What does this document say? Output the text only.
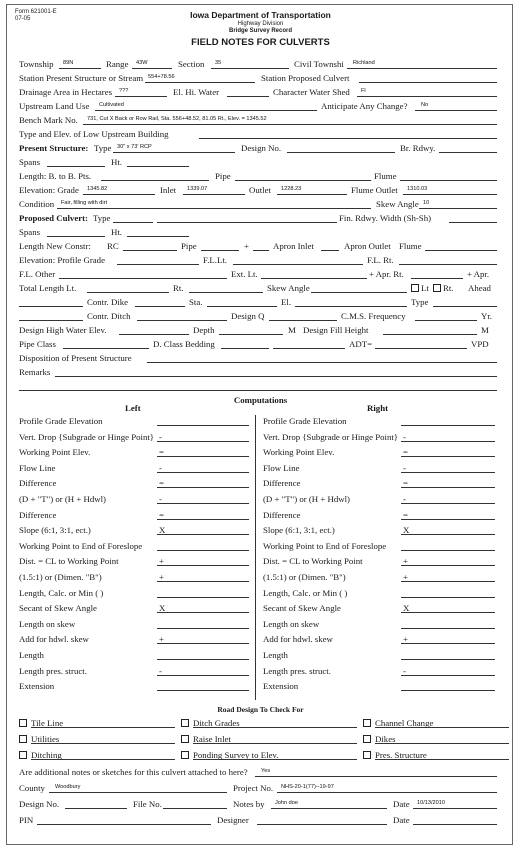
Form 621001-E
07-05	Iowa Department of Transportation
Highway Division
Bridge Survey Record
FIELD NOTES FOR CULVERTS
Township 89N	Range 43W	Section 35	Civil Townshi Richland
Station Present Structure or Stream 554+78.56	Station Proposed Culvert
Drainage Area in Hectares ???	El. Hi. Water	Character Water Shed Fl
Upstream Land Use Cultivated	Anticipate Any Change? No
Bench Mark No. 731, Cut X Back or Row Rail, Sta. 556+48.52, 81.05 Rt., Elev. = 1345.52
Type and Elev. of Low Upstream Building
Present Structure: Type 30" x 73' RCP	Design No.	Br. Rdwy.
Spans	Ht.
Length: B. to B. Pts.	Pipe	Flume
Elevation: Grade 1345.82	Inlet 1339.07	Outlet 1228.23	Flume Outlet 1310.03
Condition Fair, filling with dirt	Skew Angle 10
Proposed Culvert: Type	Fin. Rdwy. Width (Sh-Sh)
Spans	Ht.
Length New Constr: RC	Pipe	+	Apron Inlet	Apron Outlet Flume
Elevation: Profile Grade	F.L.Lt.	F.L. Rt.
F.L. Other	Ext. Lt.	+ Apr. Rt.	+ Apr.
Total Length Lt.	Rt.	Skew Angle	Lt Rt. Ahead
Contr. Dike	Sta.	El.	Type
Contr. Ditch	Design Q	C.M.S. Frequency	Yr.
Design High Water Elev.	Depth	M Design Fill Height	M
Pipe Class	D. Class Bedding	ADT=	VPD
Disposition of Present Structure
Remarks
Computations
Left	Right
Profile Grade Elevation	Profile Grade Elevation
Vert. Drop {Subgrade or Hinge Point} -	Vert. Drop {Subgrade or Hinge Point} -
Working Point Elev.	=	Working Point Elev.	=
Flow Line	-	Flow Line	-
Difference	=	Difference	=
(D + "T") or (H + Hdwl)	-	(D + "T") or (H + Hdwl)	-
Difference	=	Difference	=
Slope (6:1, 3:1, ect.)	X	Slope (6:1, 3:1, ect.)	X
Working Point to End of Foreslope	Working Point to End of Foreslope
Dist. = CL to Working Point	+	Dist. = CL to Working Point	+
(1.5:1) or (Dimen. "B")	+	(1.5:1) or (Dimen. "B")	+
Length, Calc. or Min ( )	Length, Calc. or Min ( )
Secant of Skew Angle	X	Secant of Skew Angle	X
Length on skew	Length on skew
Add for hdwl. skew	+	Add for hdwl. skew	+
Length	Length
Length pres. struct.	-	Length pres. struct.	-
Extension	Extension
Road Design To Check For
Tile Line	Ditch Grades	Channel Change
Utilities	Raise Inlet	Dikes
Ditching	Ponding Survey to Elev.	Pres. Structure
Are additional notes or sketches for this culvert attached to here? Yes
County Woodbury	Project No. NHS-20-1(77)--19-97
Design No.	File No.	Notes by John doe	Date 10/13/2010
PIN	Designer	Date
